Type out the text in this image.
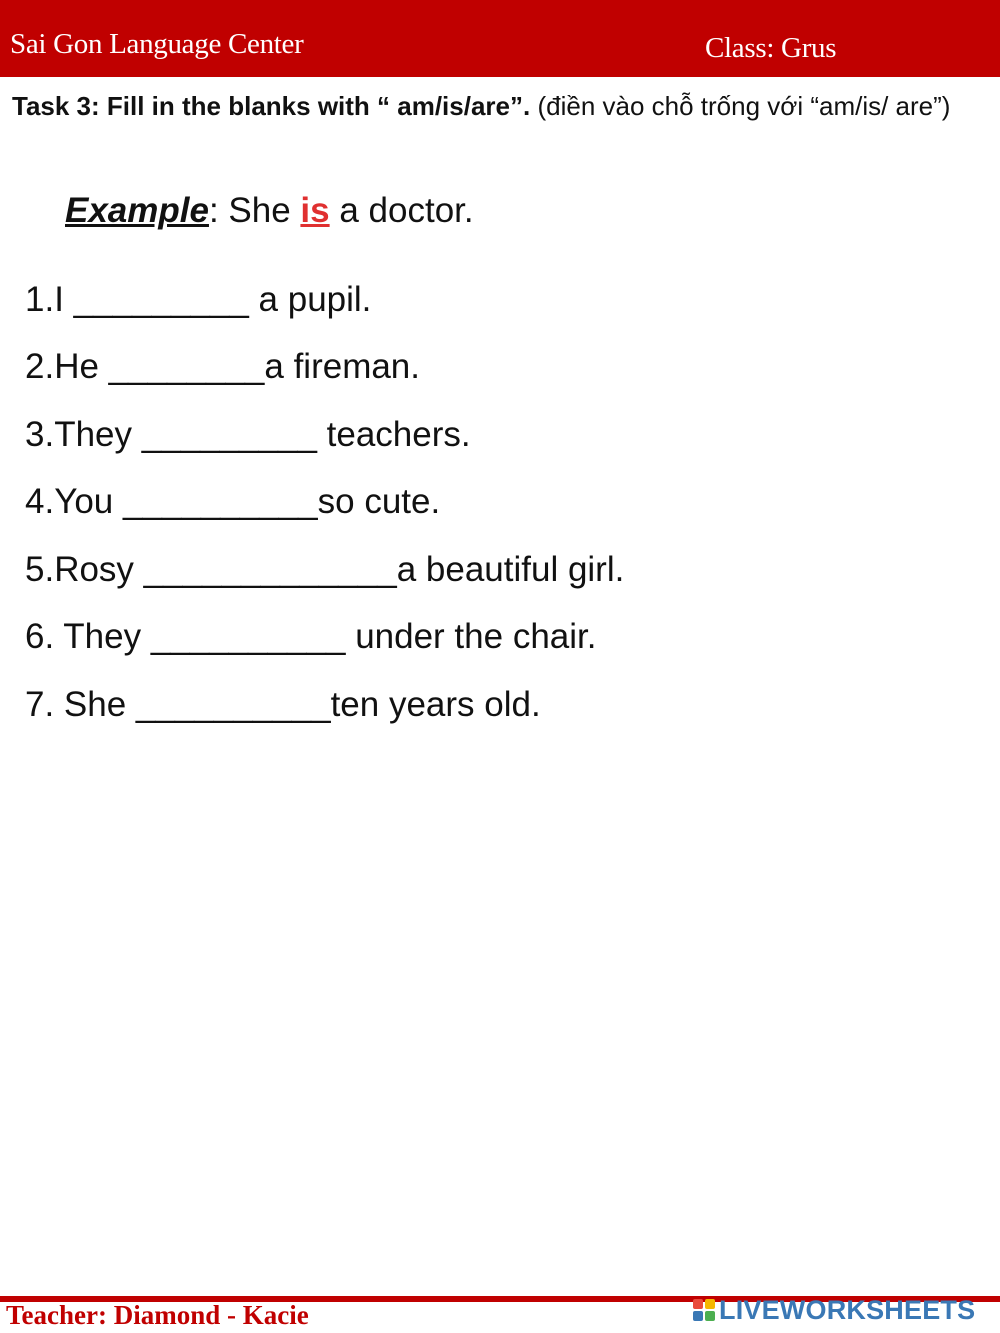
Sai Gon Language Center	Class: Grus
Task 3: Fill in the blanks with “ am/is/are”. (điền vào chỗ trống với “am/is/ are”)
Example: She is a doctor.
1.I _________ a pupil.
2.He ________a fireman.
3.They _________ teachers.
4.You __________so cute.
5.Rosy _____________a beautiful girl.
6. They __________ under the chair.
7. She __________ten years old.
Teacher: Diamond - Kacie	LIVEWORKSHEETS
